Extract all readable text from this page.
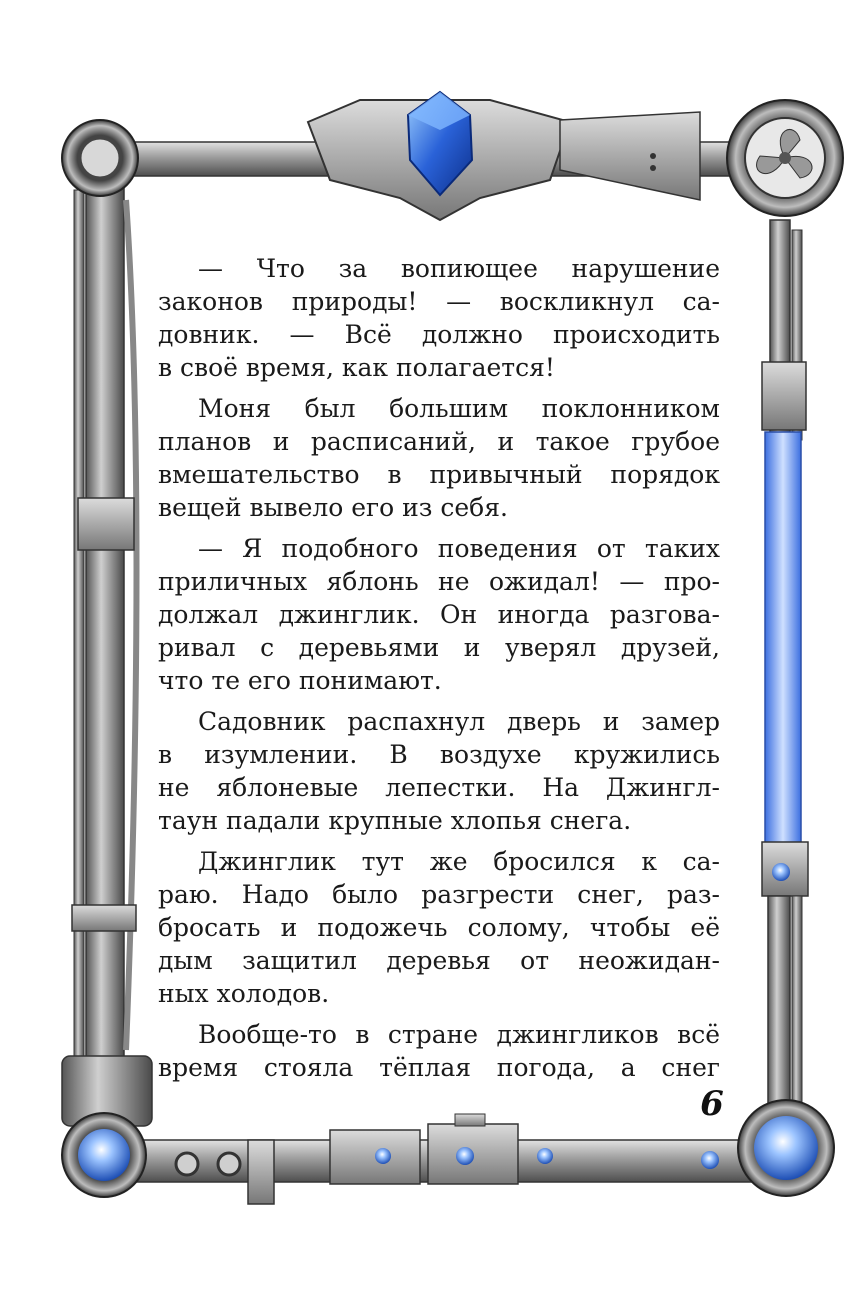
— Что за вопиющее нарушение
законов природы! — воскликнул са-
довник. — Всё должно происходить
в своё время, как полагается!
Моня был большим поклонником
планов и расписаний, и такое грубое
вмешательство в привычный порядок
вещей вывело его из себя.
— Я подобного поведения от таких
приличных яблонь не ожидал! — про-
должал джинглик. Он иногда разгова-
ривал с деревьями и уверял друзей,
что те его понимают.
Садовник распахнул дверь и замер
в изумлении. В воздухе кружились
не яблоневые лепестки. На Джингл-
таун падали крупные хлопья снега.
Джинглик тут же бросился к са-
раю. Надо было разгрести снег, раз-
бросать и подожечь солому, чтобы её
дым защитил деревья от неожидан-
ных холодов.
Вообще-то в стране джингликов всё
время стояла тёплая погода, а снег
6
